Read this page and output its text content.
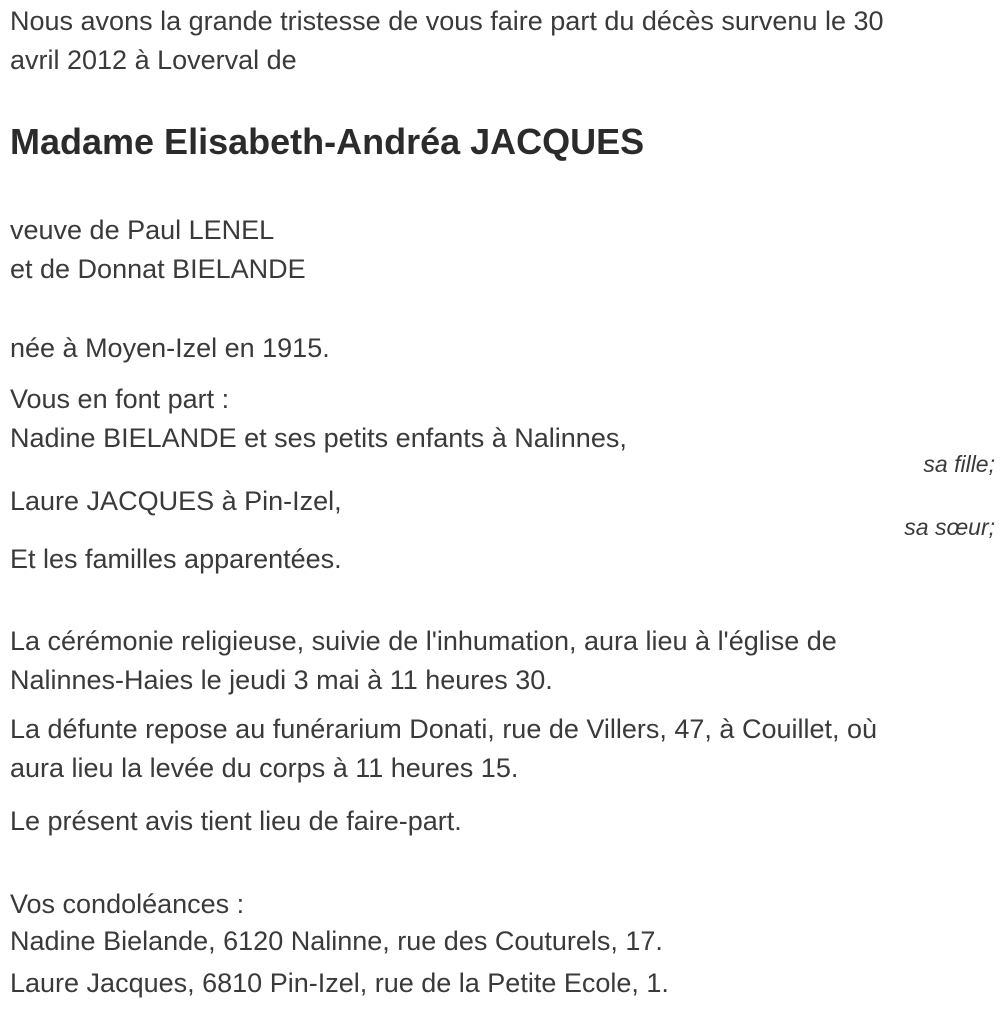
Nous avons la grande tristesse de vous faire part du décès survenu le 30
avril 2012 à Loverval de
Madame Elisabeth-Andréa JACQUES
veuve de Paul LENEL
et de Donnat BIELANDE
née à Moyen-Izel en 1915.
Vous en font part :
Nadine BIELANDE et ses petits enfants à Nalinnes,
sa fille;
Laure JACQUES à Pin-Izel,
sa sœur;
Et les familles apparentées.
La cérémonie religieuse, suivie de l'inhumation, aura lieu à l'église de
Nalinnes-Haies le jeudi 3 mai à 11 heures 30.
La défunte repose au funérarium Donati, rue de Villers, 47, à Couillet, où
aura lieu la levée du corps à 11 heures 15.
Le présent avis tient lieu de faire-part.
Vos condoléances :
Nadine Bielande, 6120 Nalinne, rue des Couturels, 17.
Laure Jacques, 6810 Pin-Izel, rue de la Petite Ecole, 1.
